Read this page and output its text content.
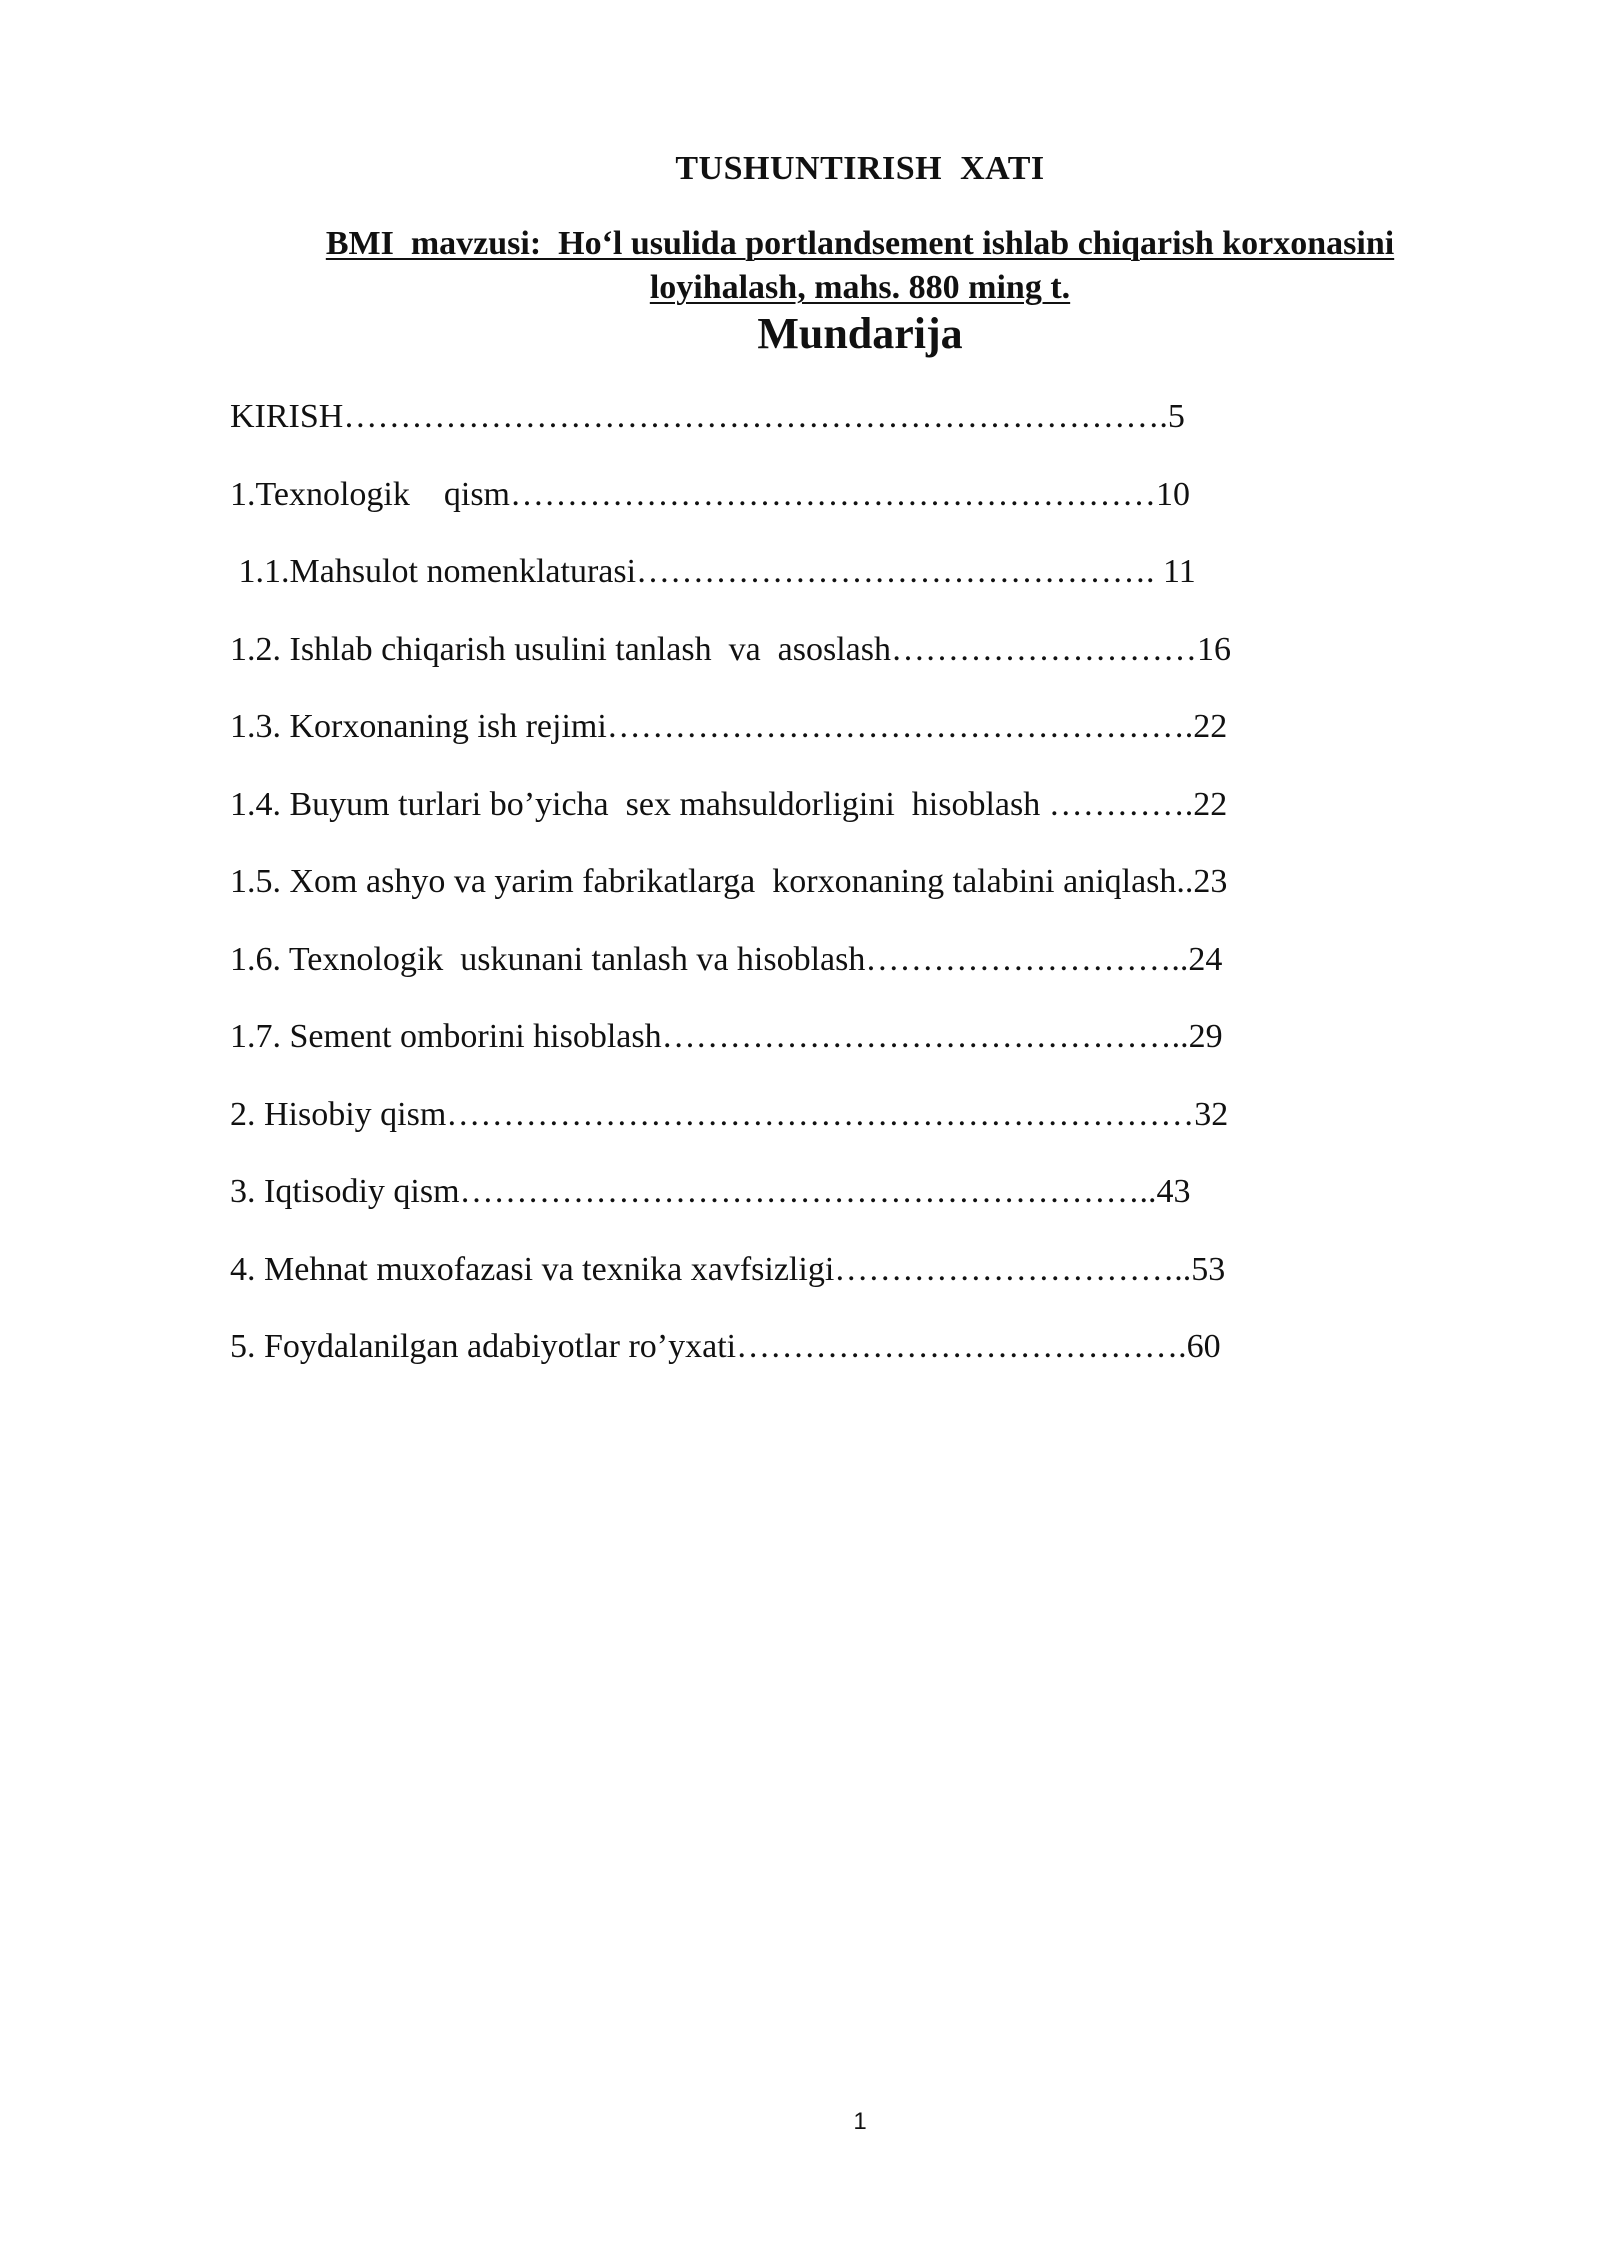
TUSHUNTIRISH  XATI
BMI  mavzusi:  Ho‘l usulida portlandsement ishlab chiqarish korxonasini
loyihalash, mahs. 880 ming t.
Mundarija
KIRISH……………………………………………………………….5
1.Texnologik    qism…………………………………………………10
1.1.Mahsulot nomenklaturasi………………………………………. 11
1.2. Ishlab chiqarish usulini tanlash  va  asoslash………………………16
1.3. Korxonaning ish rejimi…………………………………………….22
1.4. Buyum turlari bo’yicha  sex mahsuldorligini  hisoblash ………….22
1.5. Xom ashyo va yarim fabrikatlarga  korxonaning talabini aniqlash..23
1.6. Texnologik  uskunani tanlash va hisoblash………………………..24
1.7. Sement omborini hisoblash………………………………………..29
2. Hisobiy qism…………………………………………………………32
3. Iqtisodiy qism……………………………………………………..43
4. Mehnat muxofazasi va texnika xavfsizligi…………………………..53
5. Foydalanilgan adabiyotlar ro’yxati………………………………….60
1
